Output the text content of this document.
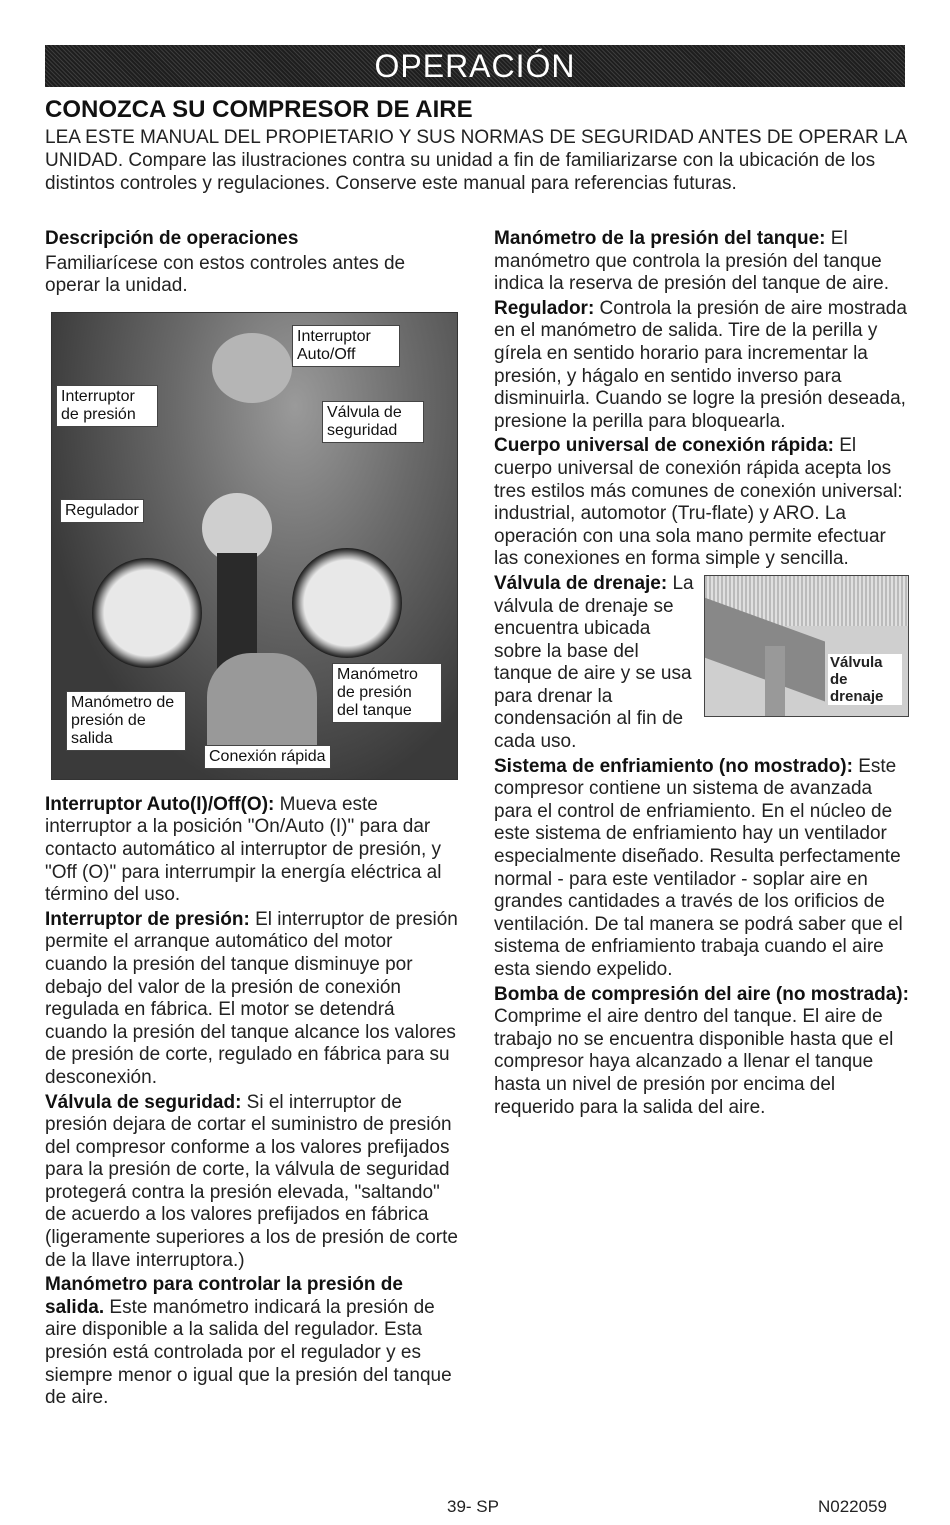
OPERACIÓN
CONOZCA SU COMPRESOR DE AIRE

LEA ESTE MANUAL DEL PROPIETARIO Y SUS NORMAS DE SEGURIDAD ANTES DE OPERAR LA UNIDAD. Compare las ilustraciones contra su unidad a fin de familiarizarse con la ubicación de los distintos controles y regulaciones. Conserve este manual para referencias futuras.

Descripción de operaciones

Familiarícese con estos controles antes de operar la unidad.

Interruptor Auto/Off
Interruptor de presión	Válvula de seguridad
Regulador
Manómetro de presión del tanque
Manómetro de presión de salida
Conexión rápida

Interruptor Auto(I)/Off(O): Mueva este interruptor a la posición "On/Auto (I)" para dar contacto automático al interruptor de presión, y "Off (O)" para interrumpir la energía eléctrica al término del uso.

Interruptor de presión: El interruptor de presión permite el arranque automático del motor cuando la presión del tanque disminuye por debajo del valor de la presión de conexión regulada en fábrica. El motor se detendrá cuando la presión del tanque alcance los valores de presión de corte, regulado en fábrica para su desconexión.

Válvula de seguridad: Si el interruptor de presión dejara de cortar el suministro de presión del compresor conforme a los valores prefijados para la presión de corte, la válvula de seguridad protegerá contra la presión elevada, "saltando" de acuerdo a los valores prefijados en fábrica (ligeramente superiores a los de presión de corte de la llave interruptora.)

Manómetro para controlar la presión de salida. Este manómetro indicará la presión de aire disponible a la salida del regulador. Esta presión está controlada por el regulador y es siempre menor o igual que la presión del tanque de aire.

Manómetro de la presión del tanque: El manómetro que controla la presión del tanque indica la reserva de presión del tanque de aire.

Regulador: Controla la presión de aire mostrada en el manómetro de salida. Tire de la perilla y gírela en sentido horario para incrementar la presión, y hágalo en sentido inverso para disminuirla. Cuando se logre la presión deseada, presione la perilla para bloquearla.

Cuerpo universal de conexión rápida: El cuerpo universal de conexión rápida acepta los tres estilos más comunes de conexión universal: industrial, automotor (Tru-flate) y ARO. La operación con una sola mano permite efectuar las conexiones en forma simple y sencilla.

Válvula de drenaje

Válvula de drenaje: La válvula de drenaje se encuentra ubicada sobre la base del tanque de aire y se usa para drenar la condensación al fin de cada uso.

Sistema de enfriamiento (no mostrado): Este compresor contiene un sistema de avanzada para el control de enfriamiento. En el núcleo de este sistema de enfriamiento hay un ventilador especialmente diseñado. Resulta perfectamente normal - para este ventilador - soplar aire en grandes cantidades a través de los orificios de ventilación. De tal manera se podrá saber que el sistema de enfriamiento trabaja cuando el aire esta siendo expelido.

Bomba de compresión del aire (no mostrada): Comprime el aire dentro del tanque. El aire de trabajo no se encuentra disponible hasta que el compresor haya alcanzado a llenar el tanque hasta un nivel de presión por encima del requerido para la salida del aire.

39- SP	N022059
